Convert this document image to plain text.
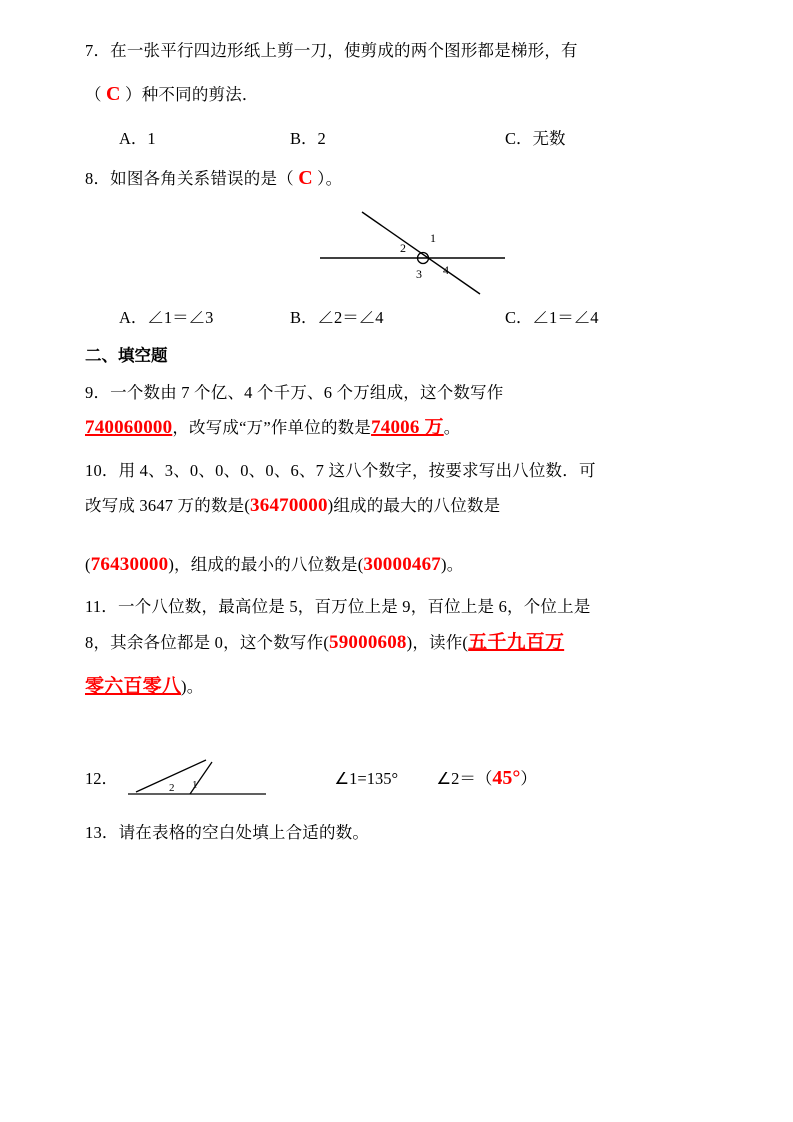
7．在一张平行四边形纸上剪一刀，使剪成的两个图形都是梯形，有
（ C ）种不同的剪法．
A．1	B．2	C．无数
8．如图各角关系错误的是（ C ）。
1
2
3 4
A．∠1＝∠3	B．∠2＝∠4	C．∠1＝∠4
二、填空题
9．一个数由 7 个亿、4 个千万、6 个万组成，这个数写作
740060000，改写成“万”作单位的数是74006 万。
10．用 4、3、0、0、0、0、6、7 这八个数字，按要求写出八位数．可
改写成 3647 万的数是(36470000)组成的最大的八位数是
(76430000)，组成的最小的八位数是(30000467)。
11．一个八位数，最高位是 5，百万位上是 9，百位上是 6，个位上是
8，其余各位都是 0，这个数写作(59000608)，读作(五千九百万
零六百零八)。
12．
2 1	∠1=135° ∠2＝（45°）
13．请在表格的空白处填上合适的数。
